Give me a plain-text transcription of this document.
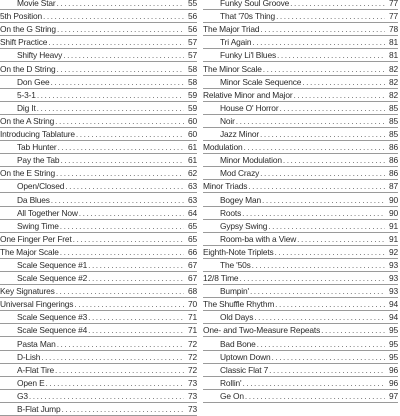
Movie Star . . .	55
5th Position . . .	56
On the G String . . .	56
Shift Practice . . .	57
Shifty Heavy . . .	57
On the D String . . .	58
Don Gee . . .	58
5-3-1 . . .	59
Dig It . . .	59
On the A String . . .	60
Introducing Tablature . . .	60
Tab Hunter . . .	61
Pay the Tab . . .	61
On the E String . . .	62
Open/Closed . . .	63
Da Blues . . .	63
All Together Now . . .	64
Swing Time . . .	65
One Finger Per Fret . . .	65
The Major Scale . . .	66
Scale Sequence #1 . . .	67
Scale Sequence #2 . . .	67
Key Signatures . . .	68
Universal Fingerings . . .	70
Scale Sequence #3 . . .	71
Scale Sequence #4 . . .	71
Pasta Man . . .	72
D-Lish . . .	72
A-Flat Tire . . .	72
Open E . . .	73
G3 . . .	73
B-Flat Jump . . .	73
Funky Soul Groove . . .	77
That '70s Thing . . .	77
The Major Triad . . .	78
Tri Again . . .	81
Funky Li'l Blues . . .	81
The Minor Scale . . .	82
Minor Scale Sequence . . .	82
Relative Minor and Major . . .	82
House O' Horror . . .	85
Noir . . .	85
Jazz Minor . . .	85
Modulation . . .	86
Minor Modulation . . .	86
Mod Crazy . . .	86
Minor Triads . . .	87
Bogey Man . . .	90
Roots . . .	90
Gypsy Swing . . .	91
Room-ba with a View . . .	91
Eighth-Note Triplets . . .	92
The '50s . . .	93
12/8 Time . . .	93
Bumpin' . . .	93
The Shuffle Rhythm . . .	94
Old Days . . .	94
One- and Two-Measure Repeats . . .	95
Bad Bone . . .	95
Uptown Down . . .	95
Classic Flat 7 . . .	96
Rollin' . . .	96
Ge On . . .	97
